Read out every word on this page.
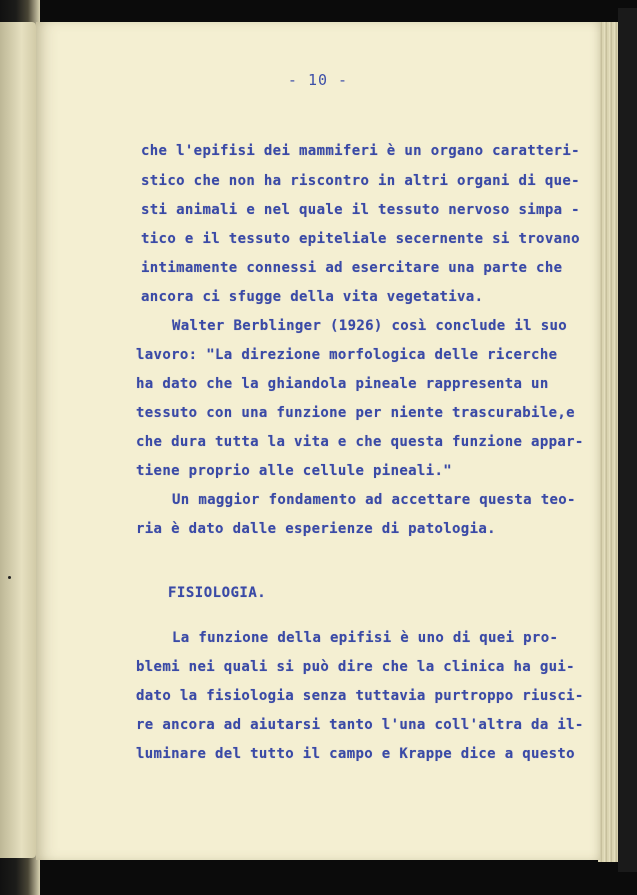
- 10 -
che l'epifisi dei mammiferi è un organo caratteri-
stico che non ha riscontro in altri organi di que-
sti animali e nel quale il tessuto nervoso simpa -
tico e il tessuto epiteliale secernente si trovano
intimamente connessi ad esercitare una parte che
ancora ci sfugge della vita vegetativa.
Walter Berblinger (1926) così conclude il suo
lavoro: "La direzione morfologica delle ricerche
ha dato che la ghiandola pineale rappresenta un
tessuto con una funzione per niente trascurabile,e
che dura tutta la vita e che questa funzione appar-
tiene proprio alle cellule pineali."
Un maggior fondamento ad accettare questa teo-
ria è dato dalle esperienze di patologia.
FISIOLOGIA.
La funzione della epifisi è uno di quei pro-
blemi nei quali si può dire che la clinica ha gui-
dato la fisiologia senza tuttavia purtroppo riusci-
re ancora ad aiutarsi tanto l'una coll'altra da il-
luminare del tutto il campo e Krappe dice a questo
